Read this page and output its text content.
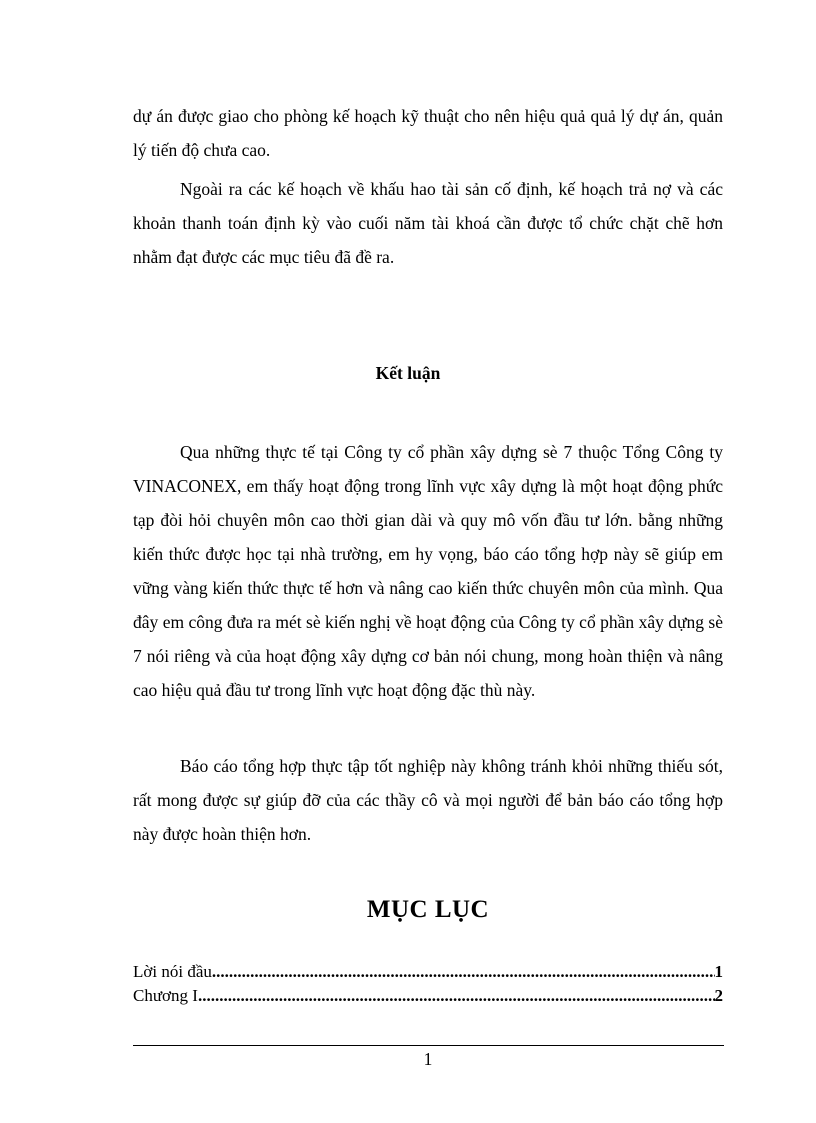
dự án được giao cho phòng kế hoạch kỹ thuật cho nên hiệu quả quả lý dự án, quản lý tiến độ chưa cao.

Ngoài ra các kế hoạch về khấu hao tài sản cố định, kế hoạch trả nợ và các khoản thanh toán định kỳ vào cuối năm tài khoá cần được tổ chức chặt chẽ hơn nhằm đạt được các mục tiêu đã đề ra.

Kết luận

Qua những thực tế tại Công ty cổ phần xây dựng sè 7 thuộc Tổng Công ty VINACONEX, em thấy hoạt động trong lĩnh vực xây dựng là một hoạt động phức tạp đòi hỏi chuyên môn cao thời gian dài và quy mô vốn đầu tư lớn. bằng những kiến thức được học tại nhà trường, em hy vọng, báo cáo tổng hợp này sẽ giúp em vững vàng kiến thức thực tế hơn và nâng cao kiến thức chuyên môn của mình. Qua đây em công đưa ra mét sè kiến nghị về hoạt động của Công ty cổ phần xây dựng sè 7 nói riêng và của hoạt động xây dựng cơ bản nói chung, mong hoàn thiện và nâng cao hiệu quả đầu tư trong lĩnh vực hoạt động đặc thù này.

Báo cáo tổng hợp thực tập tốt nghiệp này không tránh khỏi những thiếu sót, rất mong được sự giúp đỡ của các thầy cô và mọi người để bản báo cáo tổng hợp này được hoàn thiện hơn.

MỤC LỤC
Lời nói đầu .....	1
Chương I .....	2

1
